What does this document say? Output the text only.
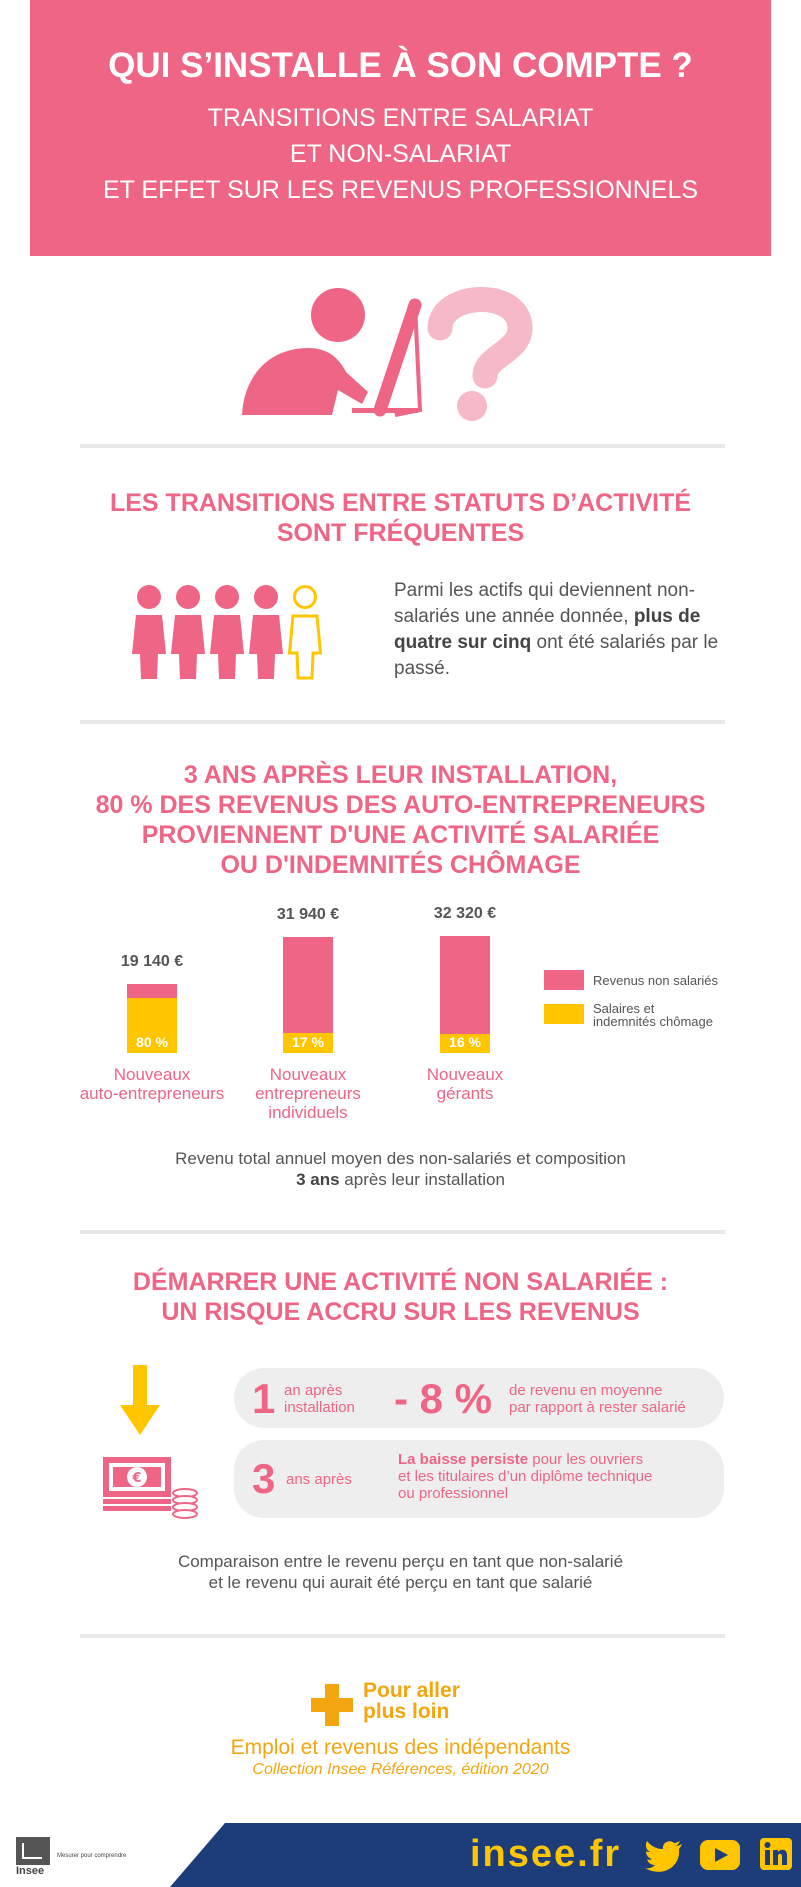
QUI S’INSTALLE À SON COMPTE ?
TRANSITIONS ENTRE SALARIAT
ET NON-SALARIAT
ET EFFET SUR LES REVENUS PROFESSIONNELS
LES TRANSITIONS ENTRE STATUTS D’ACTIVITÉ
SONT FRÉQUENTES
Parmi les actifs qui deviennent non-salariés une année donnée, plus de quatre sur cinq ont été salariés par le passé.
3 ANS APRÈS LEUR INSTALLATION,
80 % DES REVENUS DES AUTO-ENTREPRENEURS
PROVIENNENT D'UNE ACTIVITÉ SALARIÉE
OU D'INDEMNITÉS CHÔMAGE
80 %
19 140 €
Nouveaux
auto-entrepreneurs
17 %
31 940 €
Nouveaux
entrepreneurs
individuels
16 %
32 320 €
Nouveaux
gérants
Revenus non salariés
Salaires et
indemnités chômage
Revenu total annuel moyen des non-salariés et composition
3 ans après leur installation
DÉMARRER UNE ACTIVITÉ NON SALARIÉE :
UN RISQUE ACCRU SUR LES REVENUS
€
1 an après
installation - 8 % de revenu en moyenne
par rapport à rester salarié
3 ans après
La baisse persiste pour les ouvriers
et les titulaires d’un diplôme technique
ou professionnel
Comparaison entre le revenu perçu en tant que non-salarié
et le revenu qui aurait été perçu en tant que salarié
Pour aller
plus loin
Emploi et revenus des indépendants
Collection Insee Références, édition 2020
Insee
Mesurer pour comprendre	insee.fr
